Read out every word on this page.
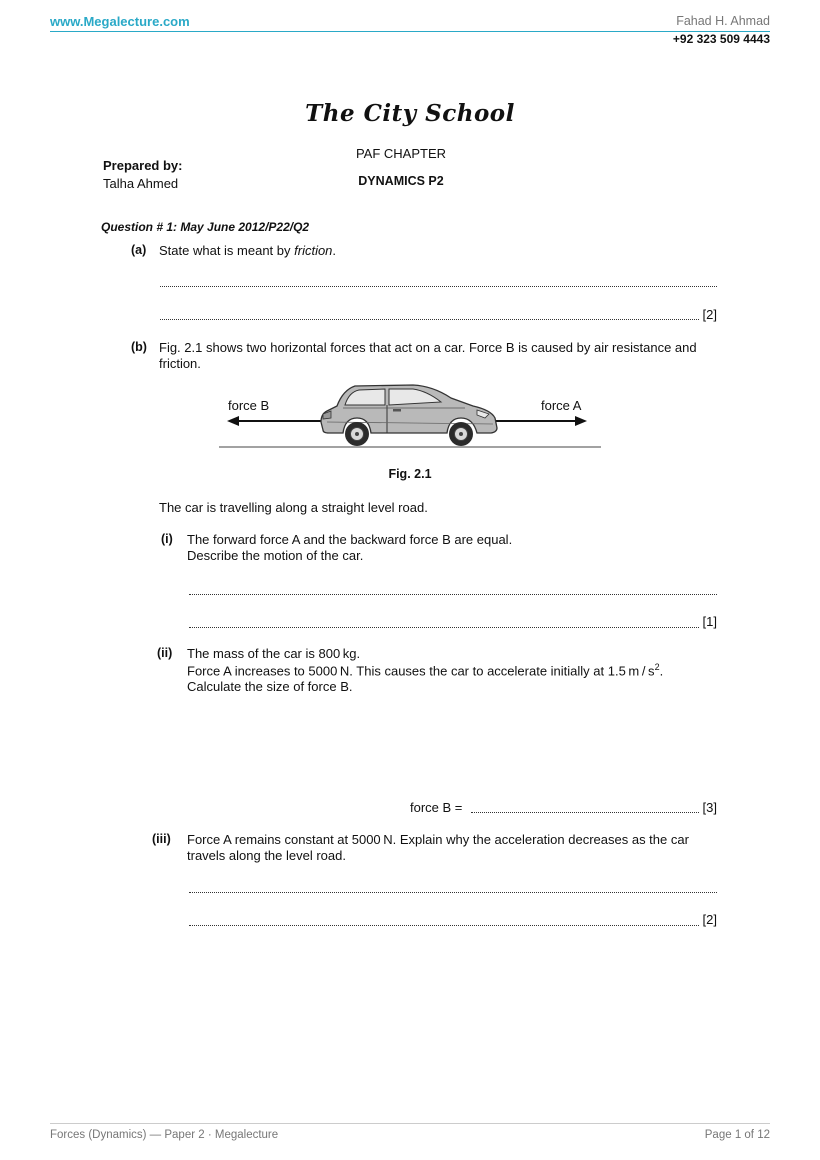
www.Megalecture.com	Fahad H. Ahmad
+92 323 509 4443
The City School
PAF CHAPTER
Prepared by:
DYNAMICS P2
Talha Ahmed
Question # 1: May June 2012/P22/Q2
(a) State what is meant by friction.
[2]
(b) Fig. 2.1 shows two horizontal forces that act on a car. Force B is caused by air resistance and
friction.
force B	force A
Fig. 2.1
The car is travelling along a straight level road.
(i) The forward force A and the backward force B are equal.
Describe the motion of the car.
[1]
(ii) The mass of the car is 800 kg.
Force A increases to 5000 N. This causes the car to accelerate initially at 1.5 m / $s^2$.
Calculate the size of force B.
force B =	[3]
(iii) Force A remains constant at 5000 N. Explain why the acceleration decreases as the car
travels along the level road.
[2]
Forces (Dynamics) — Paper 2 · Megalecture	Page 1 of 12
